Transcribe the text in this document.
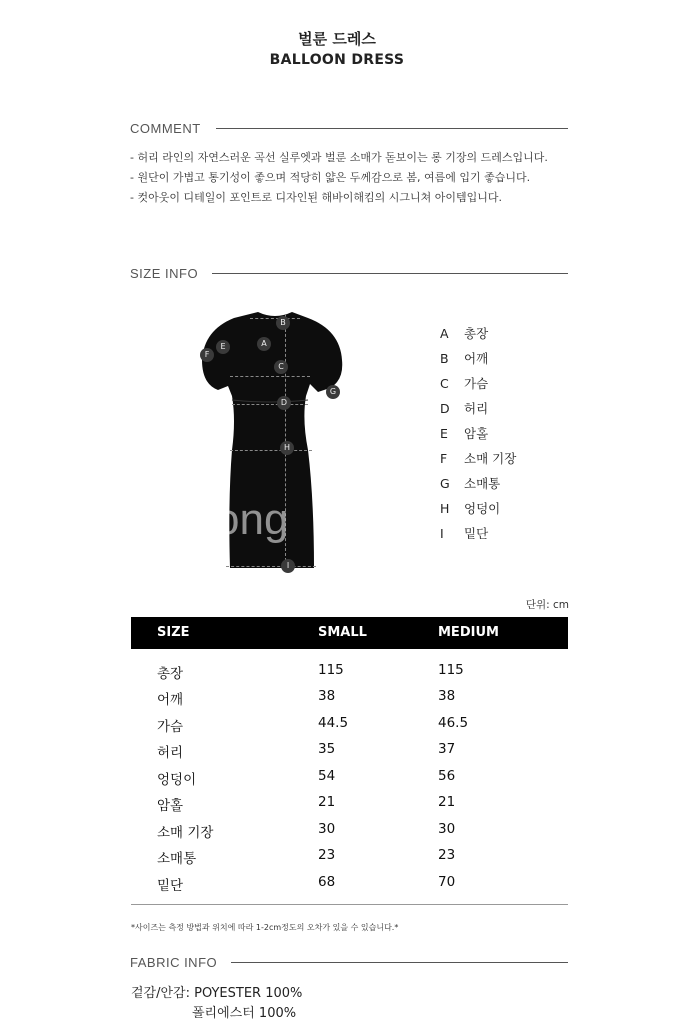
벌룬 드레스
BALLOON DRESS
COMMENT
- 허리 라인의 자연스러운 곡선 실루엣과 벌룬 소매가 돋보이는 롱 기장의 드레스입니다.
- 원단이 가볍고 통기성이 좋으며 적당히 얇은 두께감으로 봄, 여름에 입기 좋습니다.
- 컷아웃이 디테일이 포인트로 디자인된 해바이해킴의 시그니쳐 아이템입니다.
SIZE INFO
A
B
C
D
E
F
G
H
I
ong
A 총장
B 어깨
C 가슴
D 허리
E 암홀
F 소매 기장
G 소매통
H 엉덩이
I 밑단
단위: cm
SIZE	SMALL	MEDIUM
총장	115	115
어깨	38	38
가슴	44.5	46.5
허리	35	37
엉덩이	54	56
암홀	21	21
소매 기장	30	30
소매통	23	23
밑단	68	70
*사이즈는 측정 방법과 위치에 따라 1-2cm정도의 오차가 있을 수 있습니다.*
FABRIC INFO
겉감/안감: POYESTER 100%
폴리에스터 100%
